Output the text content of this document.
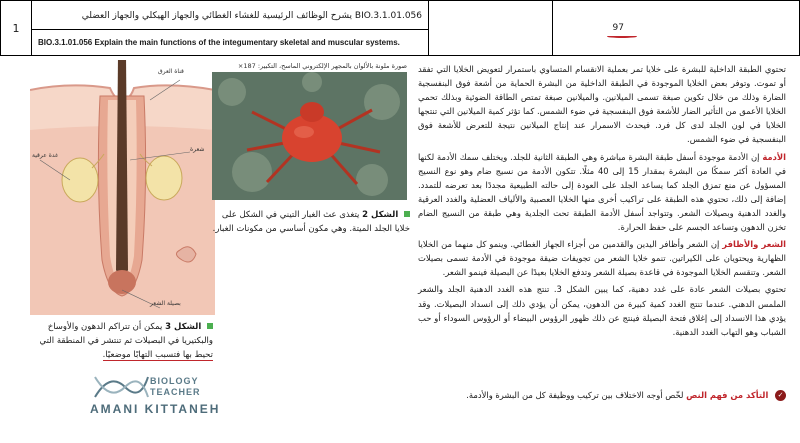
1
BIO.3.1.01.056 يشرح الوظائف الرئيسية للغشاء الغطائي والجهاز الهيكلي والجهاز العضلي
BIO.3.1.01.056 Explain the main functions of the integumentary skeletal and muscular systems.
97
قناة العرق
شعرة
غدة عرقية
بصيلة الشعر
صورة ملونة بالألوان بالمجهر الإلكتروني الماسح، التكبير: 187×
الشكل 2 يتغذى عث الغبار التيني في الشكل على خلايا الجلد الميتة. وهي مكون أساسي من مكونات الغبار.

تحتوي الطبقة الداخلية للبشرة على خلايا تمر بعملية الانقسام المتساوي باستمرار لتعويض الخلايا التي تفقد أو تموت. وتوفر بعض الخلايا الموجودة في الطبقة الداخلية من البشرة الحماية من أشعة فوق البنفسجية الضارة وذلك من خلال تكوين صبغة تسمى الميلانين. والميلانين صبغة تمتص الطاقة الضوئية وبذلك تحمي الخلايا الأعمق من التأثير الضار للأشعة فوق البنفسجية في ضوء الشمس. كما تؤثر كمية الميلانين التي تنتجها الخلايا في لون الجلد لدى كل فرد. فيحدث الاسمرار عند إنتاج الميلانين نتيجة للتعرض للأشعة فوق البنفسجية في ضوء الشمس.

الأدمة إن الأدمة موجودة أسفل طبقة البشرة مباشرة وهي الطبقة الثانية للجلد. ويختلف سمك الأدمة لكنها في العادة أكثر سمكًا من البشرة بمقدار 15 إلى 40 مثلًا. تتكون الأدمة من نسيج ضام وهو نوع النسيج المسؤول عن منع تمزق الجلد كما يساعد الجلد على العودة إلى حالته الطبيعية مجددًا بعد تعرضه للتمدد. إضافة إلى ذلك، تحتوي هذه الطبقة على تراكيب أخرى منها الخلايا العصبية والألياف العضلية والغدد العرقية والغدد الدهنية وبصيلات الشعر. وتتواجد أسفل الأدمة الطبقة تحت الجلدية وهي طبقة من النسيج الضام تخزن الدهون وتساعد الجسم على حفظ الحرارة.

الشعر والأظافر إن الشعر وأظافر اليدين والقدمين من أجزاء الجهاز الغطائي. وينمو كل منهما من الخلايا الظهارية ويحتويان على الكيراتين. تنمو خلايا الشعر من تجويفات ضيقة موجودة في الأدمة تسمى بصيلات الشعر. وتنقسم الخلايا الموجودة في قاعدة بصيلة الشعر وتدفع الخلايا بعيدًا عن البصيلة فينمو الشعر.

تحتوي بصيلات الشعر عادة على غدد دهنية، كما يبين الشكل 3. تنتج هذه الغدد الدهنية الجلد والشعر الملمس الدهني. عندما تنتج الغدد كمية كبيرة من الدهون، يمكن أن يؤدي ذلك إلى انسداد البصيلات. وقد يؤدي هذا الانسداد إلى إغلاق فتحة البصيلة فينتج عن ذلك ظهور الرؤوس البيضاء أو الرؤوس السوداء أو حب الشباب وهو التهاب الغدد الدهنية.

✓ التأكد من فهم النص لخّص أوجه الاختلاف بين تركيب ووظيفة كل من البشرة والأدمة.
الشكل 3 يمكن أن تتراكم الدهون والأوساخ والبكتيريا في البصيلات ثم تنتشر في المنطقة التي تحيط بها فتسبب التهابًا موضعيًا.
BIOLOGY
TEACHER
AMANI KITTANEH
